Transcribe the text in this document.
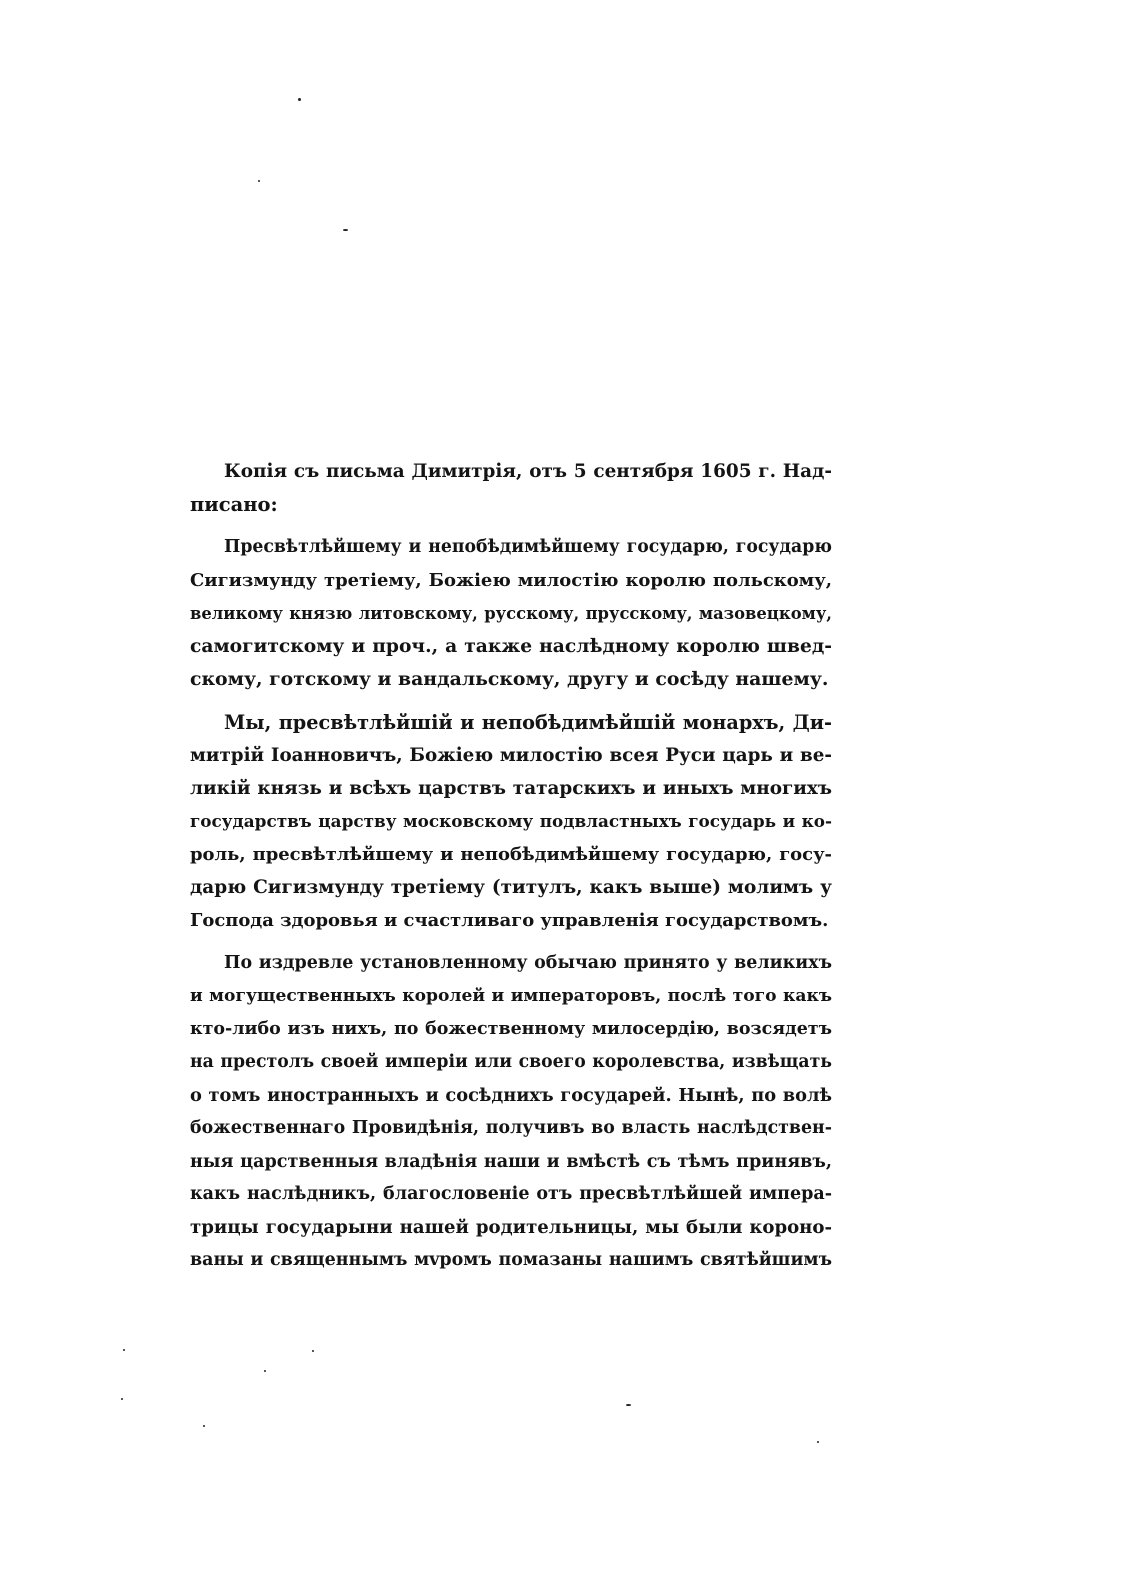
Копія съ письма Димитрія, отъ 5 сентября 1605 г. Над-
писано:

Пресвѣтлѣйшему и непобѣдимѣйшему государю, государю
Сигизмунду третіему, Божіею милостію королю польскому,
великому князю литовскому, русскому, прусскому, мазовецкому,
самогитскому и проч., а также наслѣдному королю швед-
скому, готскому и вандальскому, другу и сосѣду нашему.

Мы, пресвѣтлѣйшій и непобѣдимѣйшій монархъ, Ди-
митрій Іоанновичъ, Божіею милостію всея Руси царь и ве-
ликій князь и всѣхъ царствъ татарскихъ и иныхъ многихъ
государствъ царству московскому подвластныхъ государь и ко-
роль, пресвѣтлѣйшему и непобѣдимѣйшему государю, госу-
дарю Сигизмунду третіему (титулъ, какъ выше) молимъ у
Господа здоровья и счастливаго управленія государствомъ.

По издревле установленному обычаю принято у великихъ
и могущественныхъ королей и императоровъ, послѣ того какъ
кто-либо изъ нихъ, по божественному милосердію, возсядетъ
на престолъ своей имперіи или своего королевства, извѣщать
о томъ иностранныхъ и сосѣднихъ государей. Нынѣ, по волѣ
божественнаго Провидѣнія, получивъ во власть наслѣдствен-
ныя царственныя владѣнія наши и вмѣстѣ съ тѣмъ принявъ,
какъ наслѣдникъ, благословеніе отъ пресвѣтлѣйшей импера-
трицы государыни нашей родительницы, мы были короно-
ваны и священнымъ мvромъ помазаны нашимъ святѣйшимъ
